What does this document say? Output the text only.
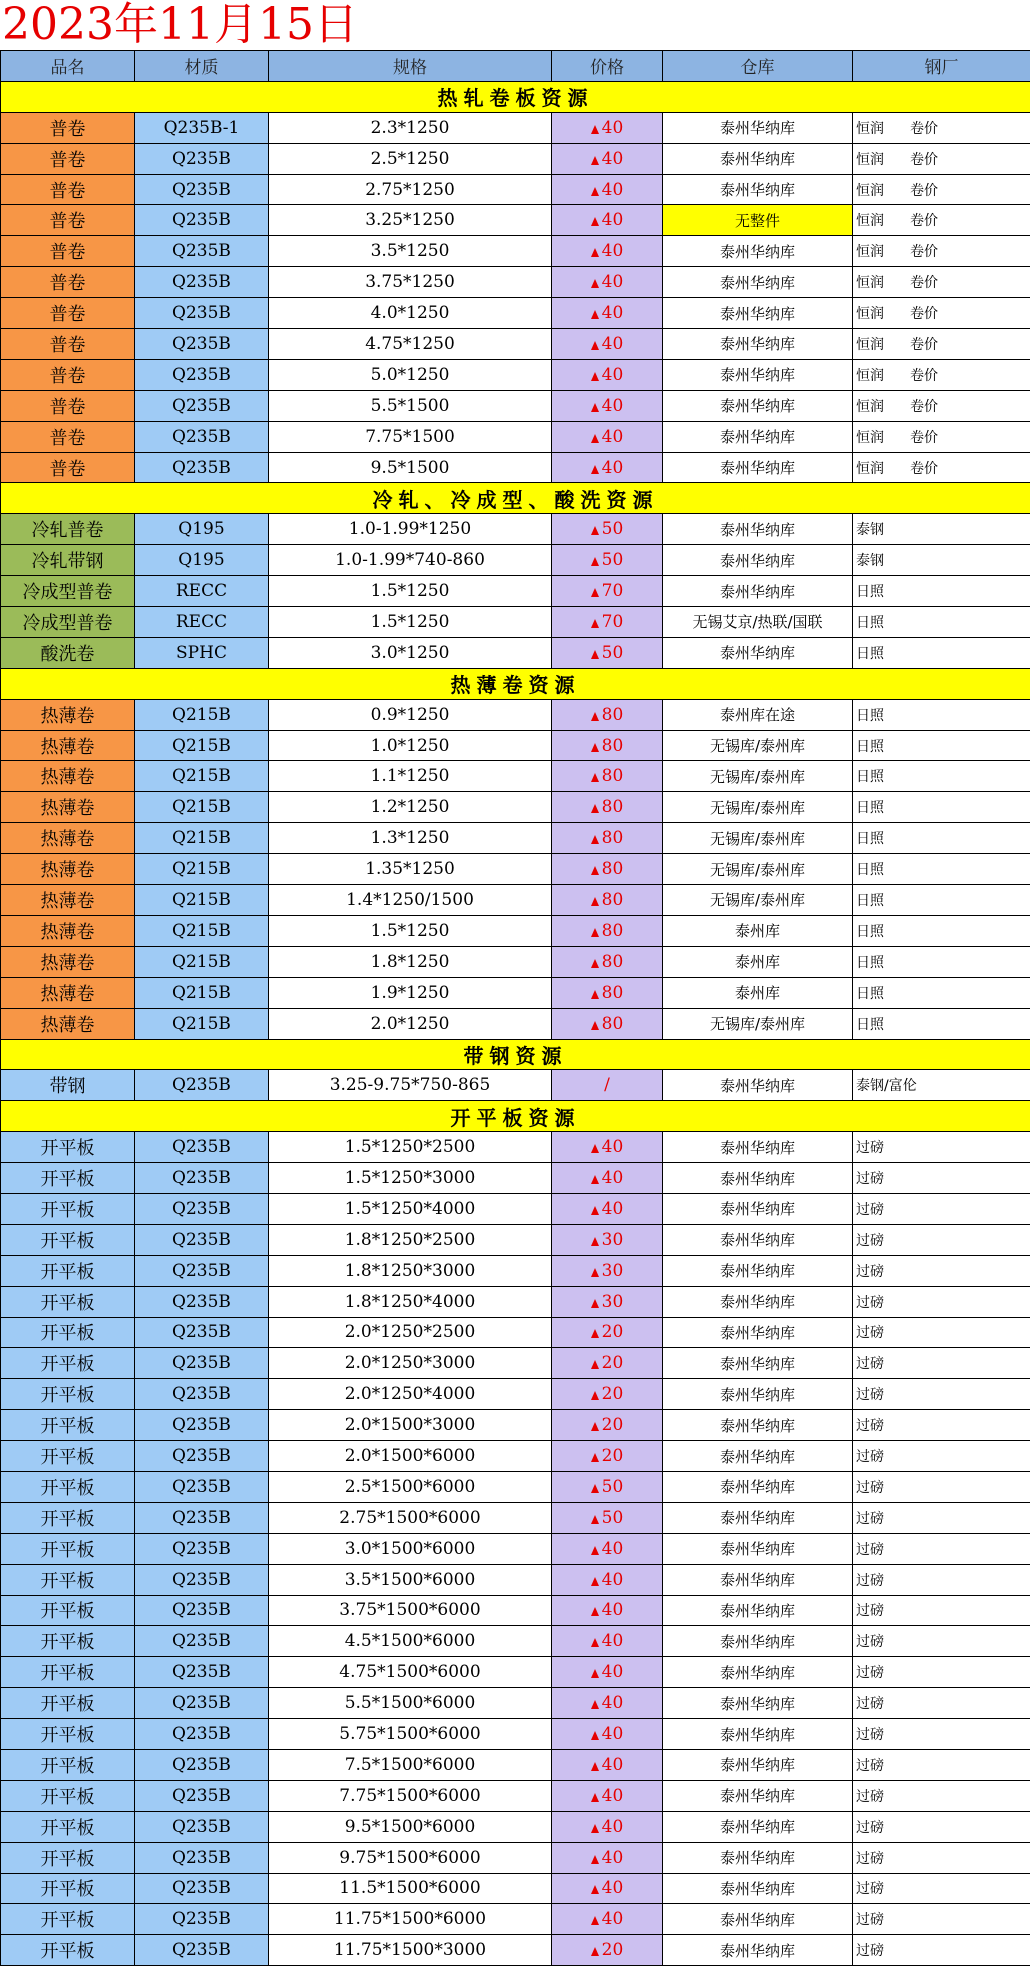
2023年11月15日
品名	材质	规格	价格	仓库	钢厂
热轧卷板资源					
普卷	Q235B-1	2.3*1250	40	泰州华纳库	恒润 卷价
普卷	Q235B	2.5*1250	40	泰州华纳库	恒润 卷价
普卷	Q235B	2.75*1250	40	泰州华纳库	恒润 卷价
普卷	Q235B	3.25*1250	40	无整件	恒润 卷价
普卷	Q235B	3.5*1250	40	泰州华纳库	恒润 卷价
普卷	Q235B	3.75*1250	40	泰州华纳库	恒润 卷价
普卷	Q235B	4.0*1250	40	泰州华纳库	恒润 卷价
普卷	Q235B	4.75*1250	40	泰州华纳库	恒润 卷价
普卷	Q235B	5.0*1250	40	泰州华纳库	恒润 卷价
普卷	Q235B	5.5*1500	40	泰州华纳库	恒润 卷价
普卷	Q235B	7.75*1500	40	泰州华纳库	恒润 卷价
普卷	Q235B	9.5*1500	40	泰州华纳库	恒润 卷价
冷轧、冷成型、酸洗资源					
冷轧普卷	Q195	1.0-1.99*1250	50	泰州华纳库	泰钢
冷轧带钢	Q195	1.0-1.99*740-860	50	泰州华纳库	泰钢
冷成型普卷	RECC	1.5*1250	70	泰州华纳库	日照
冷成型普卷	RECC	1.5*1250	70	无锡艾京/热联/国联	日照
酸洗卷	SPHC	3.0*1250	50	泰州华纳库	日照
热薄卷资源					
热薄卷	Q215B	0.9*1250	80	泰州库在途	日照
热薄卷	Q215B	1.0*1250	80	无锡库/泰州库	日照
热薄卷	Q215B	1.1*1250	80	无锡库/泰州库	日照
热薄卷	Q215B	1.2*1250	80	无锡库/泰州库	日照
热薄卷	Q215B	1.3*1250	80	无锡库/泰州库	日照
热薄卷	Q215B	1.35*1250	80	无锡库/泰州库	日照
热薄卷	Q215B	1.4*1250/1500	80	无锡库/泰州库	日照
热薄卷	Q215B	1.5*1250	80	泰州库	日照
热薄卷	Q215B	1.8*1250	80	泰州库	日照
热薄卷	Q215B	1.9*1250	80	泰州库	日照
热薄卷	Q215B	2.0*1250	80	无锡库/泰州库	日照
带钢资源					
带钢	Q235B	3.25-9.75*750-865	/	泰州华纳库	泰钢/富伦
开平板资源					
开平板	Q235B	1.5*1250*2500	40	泰州华纳库	过磅
开平板	Q235B	1.5*1250*3000	40	泰州华纳库	过磅
开平板	Q235B	1.5*1250*4000	40	泰州华纳库	过磅
开平板	Q235B	1.8*1250*2500	30	泰州华纳库	过磅
开平板	Q235B	1.8*1250*3000	30	泰州华纳库	过磅
开平板	Q235B	1.8*1250*4000	30	泰州华纳库	过磅
开平板	Q235B	2.0*1250*2500	20	泰州华纳库	过磅
开平板	Q235B	2.0*1250*3000	20	泰州华纳库	过磅
开平板	Q235B	2.0*1250*4000	20	泰州华纳库	过磅
开平板	Q235B	2.0*1500*3000	20	泰州华纳库	过磅
开平板	Q235B	2.0*1500*6000	20	泰州华纳库	过磅
开平板	Q235B	2.5*1500*6000	50	泰州华纳库	过磅
开平板	Q235B	2.75*1500*6000	50	泰州华纳库	过磅
开平板	Q235B	3.0*1500*6000	40	泰州华纳库	过磅
开平板	Q235B	3.5*1500*6000	40	泰州华纳库	过磅
开平板	Q235B	3.75*1500*6000	40	泰州华纳库	过磅
开平板	Q235B	4.5*1500*6000	40	泰州华纳库	过磅
开平板	Q235B	4.75*1500*6000	40	泰州华纳库	过磅
开平板	Q235B	5.5*1500*6000	40	泰州华纳库	过磅
开平板	Q235B	5.75*1500*6000	40	泰州华纳库	过磅
开平板	Q235B	7.5*1500*6000	40	泰州华纳库	过磅
开平板	Q235B	7.75*1500*6000	40	泰州华纳库	过磅
开平板	Q235B	9.5*1500*6000	40	泰州华纳库	过磅
开平板	Q235B	9.75*1500*6000	40	泰州华纳库	过磅
开平板	Q235B	11.5*1500*6000	40	泰州华纳库	过磅
开平板	Q235B	11.75*1500*6000	40	泰州华纳库	过磅
开平板	Q235B	11.75*1500*3000	20	泰州华纳库	过磅
